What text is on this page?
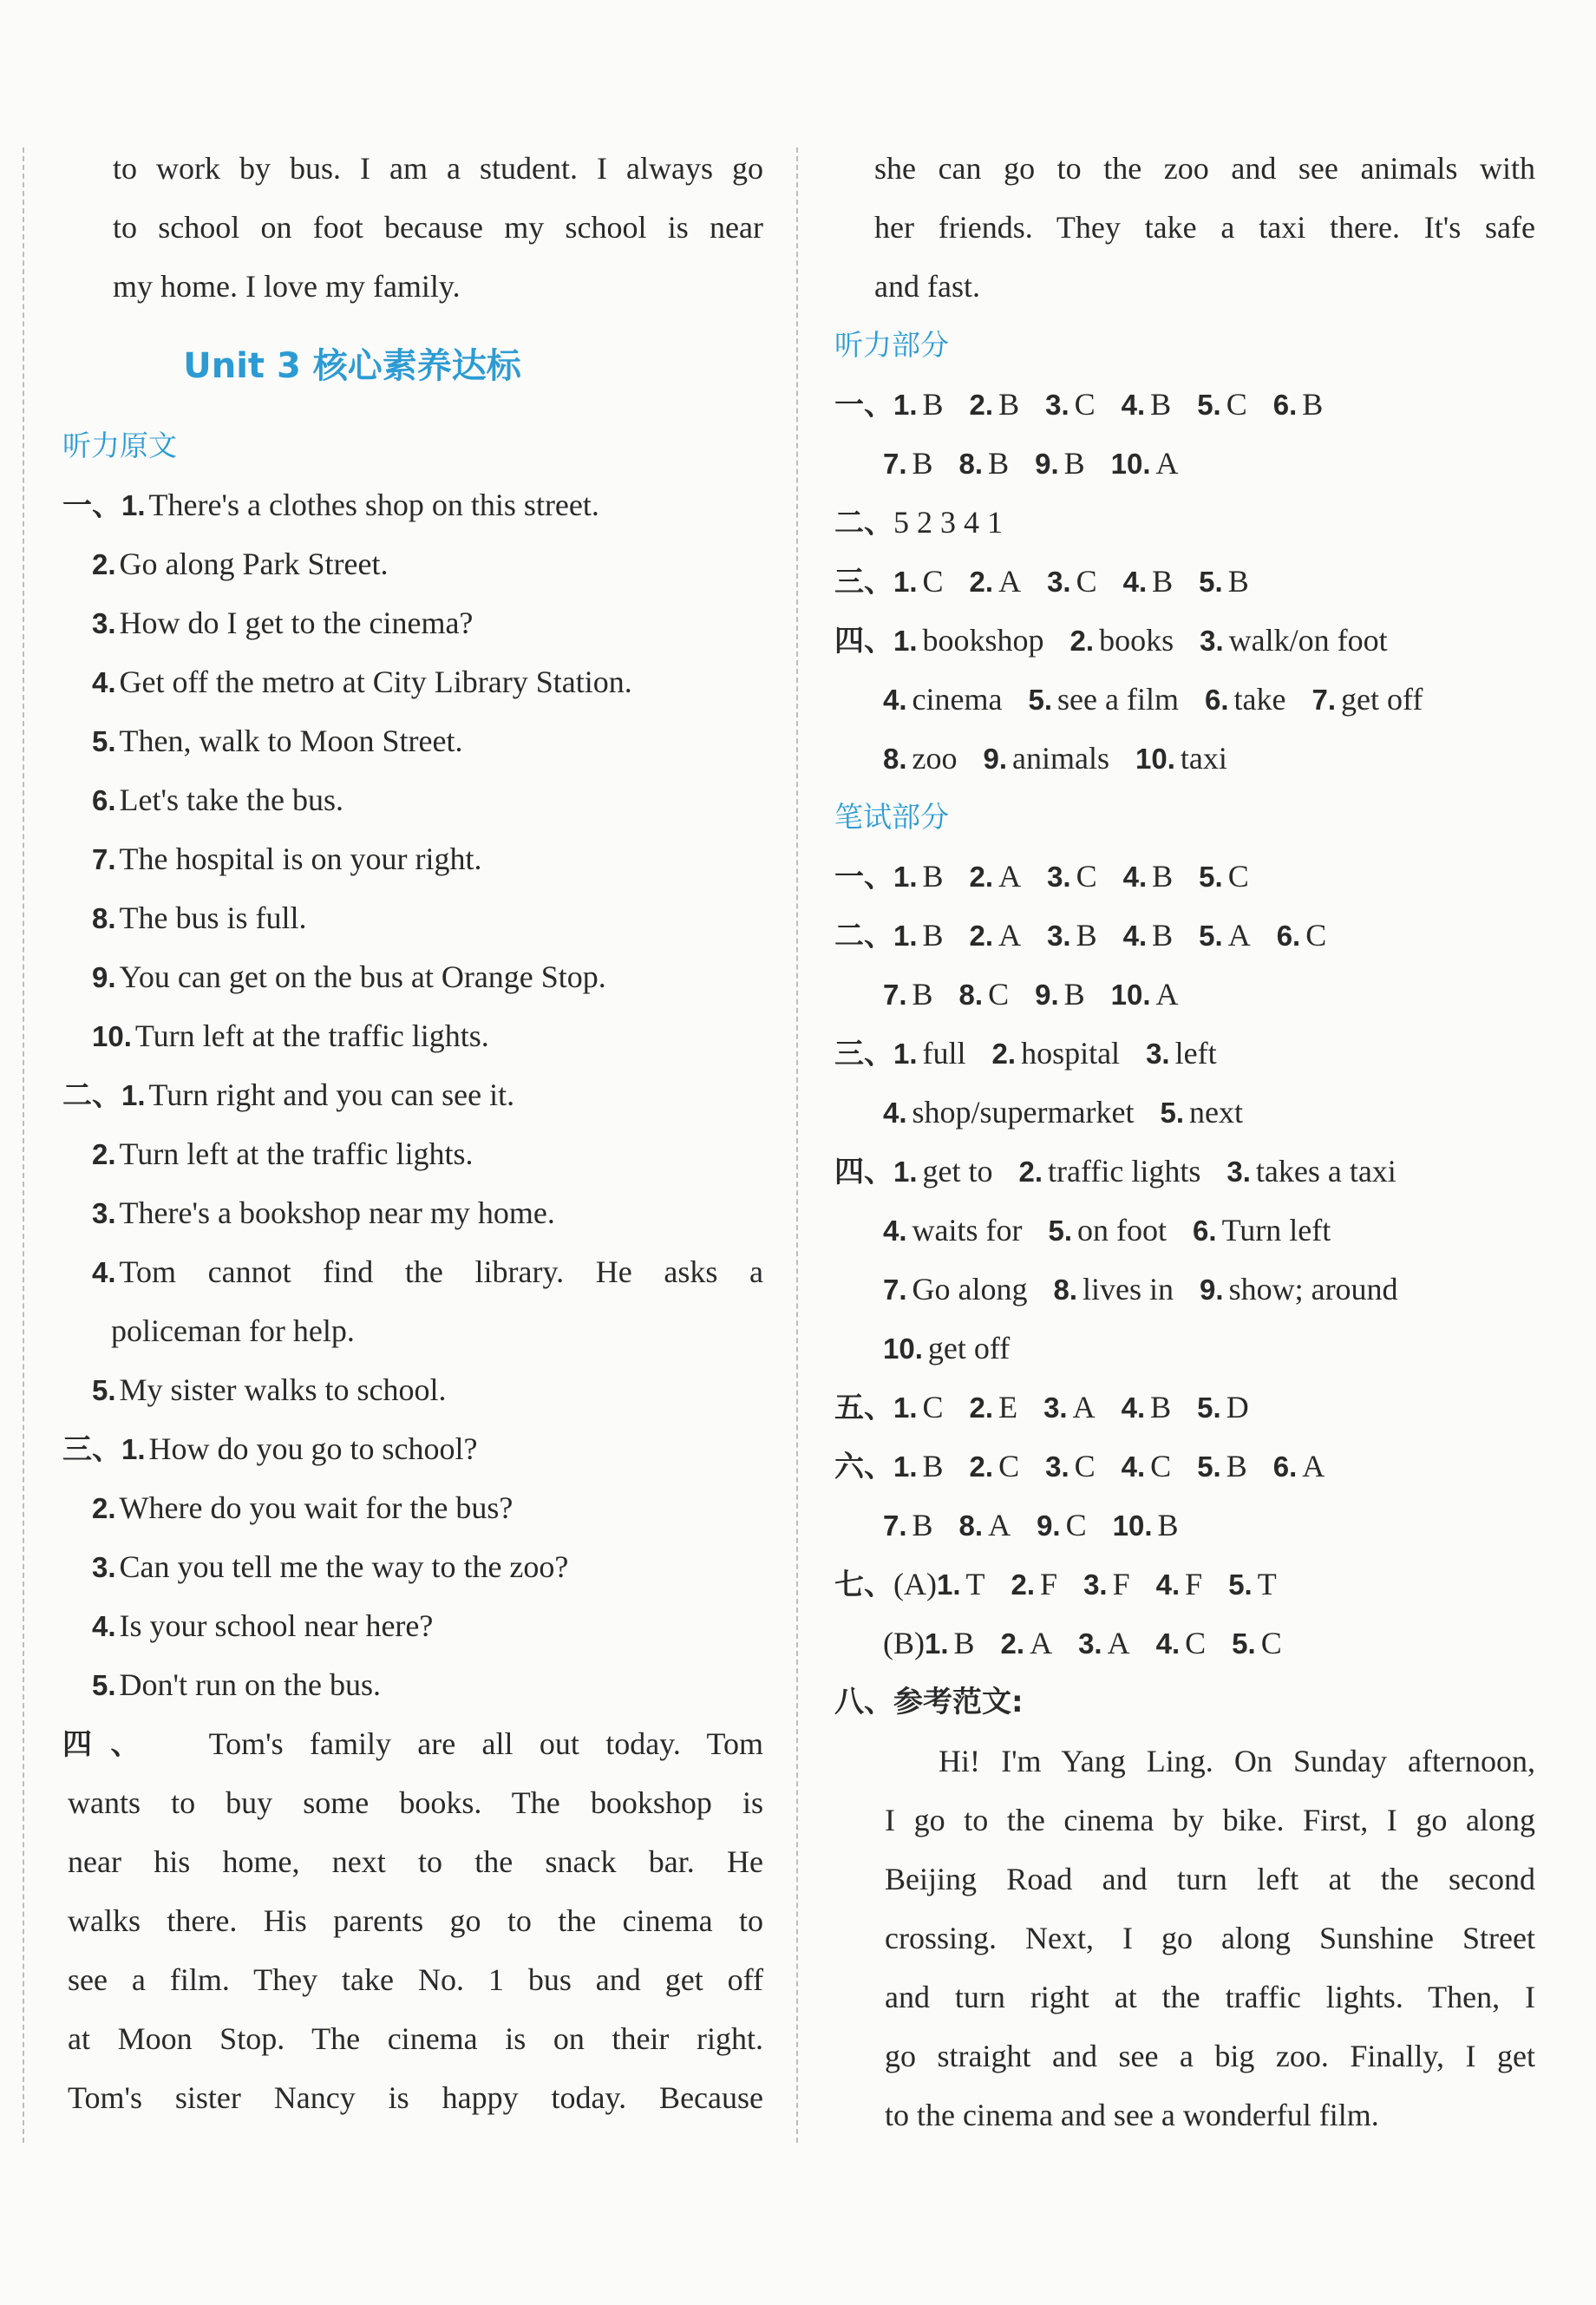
to work by bus. I am a student. I always go
to school on foot because my school is near
my home. I love my family.
Unit 3 核心素养达标
听力原文
一、1. There's a clothes shop on this street.
2. Go along Park Street.
3. How do I get to the cinema?
4. Get off the metro at City Library Station.
5. Then, walk to Moon Street.
6. Let's take the bus.
7. The hospital is on your right.
8. The bus is full.
9. You can get on the bus at Orange Stop.
10. Turn left at the traffic lights.
二、1. Turn right and you can see it.
2. Turn left at the traffic lights.
3. There's a bookshop near my home.
4. Tom cannot find the library. He asks a
policeman for help.
5. My sister walks to school.
三、1. How do you go to school?
2. Where do you wait for the bus?
3. Can you tell me the way to the zoo?
4. Is your school near here?
5. Don't run on the bus.
四、 Tom's family are all out today. Tom
wants to buy some books. The bookshop is
near his home, next to the snack bar. He
walks there. His parents go to the cinema to
see a film. They take No. 1 bus and get off
at Moon Stop. The cinema is on their right.
Tom's sister Nancy is happy today. Because
she can go to the zoo and see animals with
her friends. They take a taxi there. It's safe
and fast.
听力部分
一、1. B 2. B 3. C 4. B 5. C 6. B
7. B 8. B 9. B 10. A
二、5 2 3 4 1
三、1. C 2. A 3. C 4. B 5. B
四、1. bookshop 2. books 3. walk/on foot
4. cinema 5. see a film 6. take 7. get off
8. zoo 9. animals 10. taxi
笔试部分
一、1. B 2. A 3. C 4. B 5. C
二、1. B 2. A 3. B 4. B 5. A 6. C
7. B 8. C 9. B 10. A
三、1. full 2. hospital 3. left
4. shop/supermarket 5. next
四、1. get to 2. traffic lights 3. takes a taxi
4. waits for 5. on foot 6. Turn left
7. Go along 8. lives in 9. show; around
10. get off
五、1. C 2. E 3. A 4. B 5. D
六、1. B 2. C 3. C 4. C 5. B 6. A
7. B 8. A 9. C 10. B
七、(A)1. T 2. F 3. F 4. F 5. T
(B)1. B 2. A 3. A 4. C 5. C
八、参考范文:
Hi! I'm Yang Ling. On Sunday afternoon,
I go to the cinema by bike. First, I go along
Beijing Road and turn left at the second
crossing. Next, I go along Sunshine Street
and turn right at the traffic lights. Then, I
go straight and see a big zoo. Finally, I get
to the cinema and see a wonderful film.
